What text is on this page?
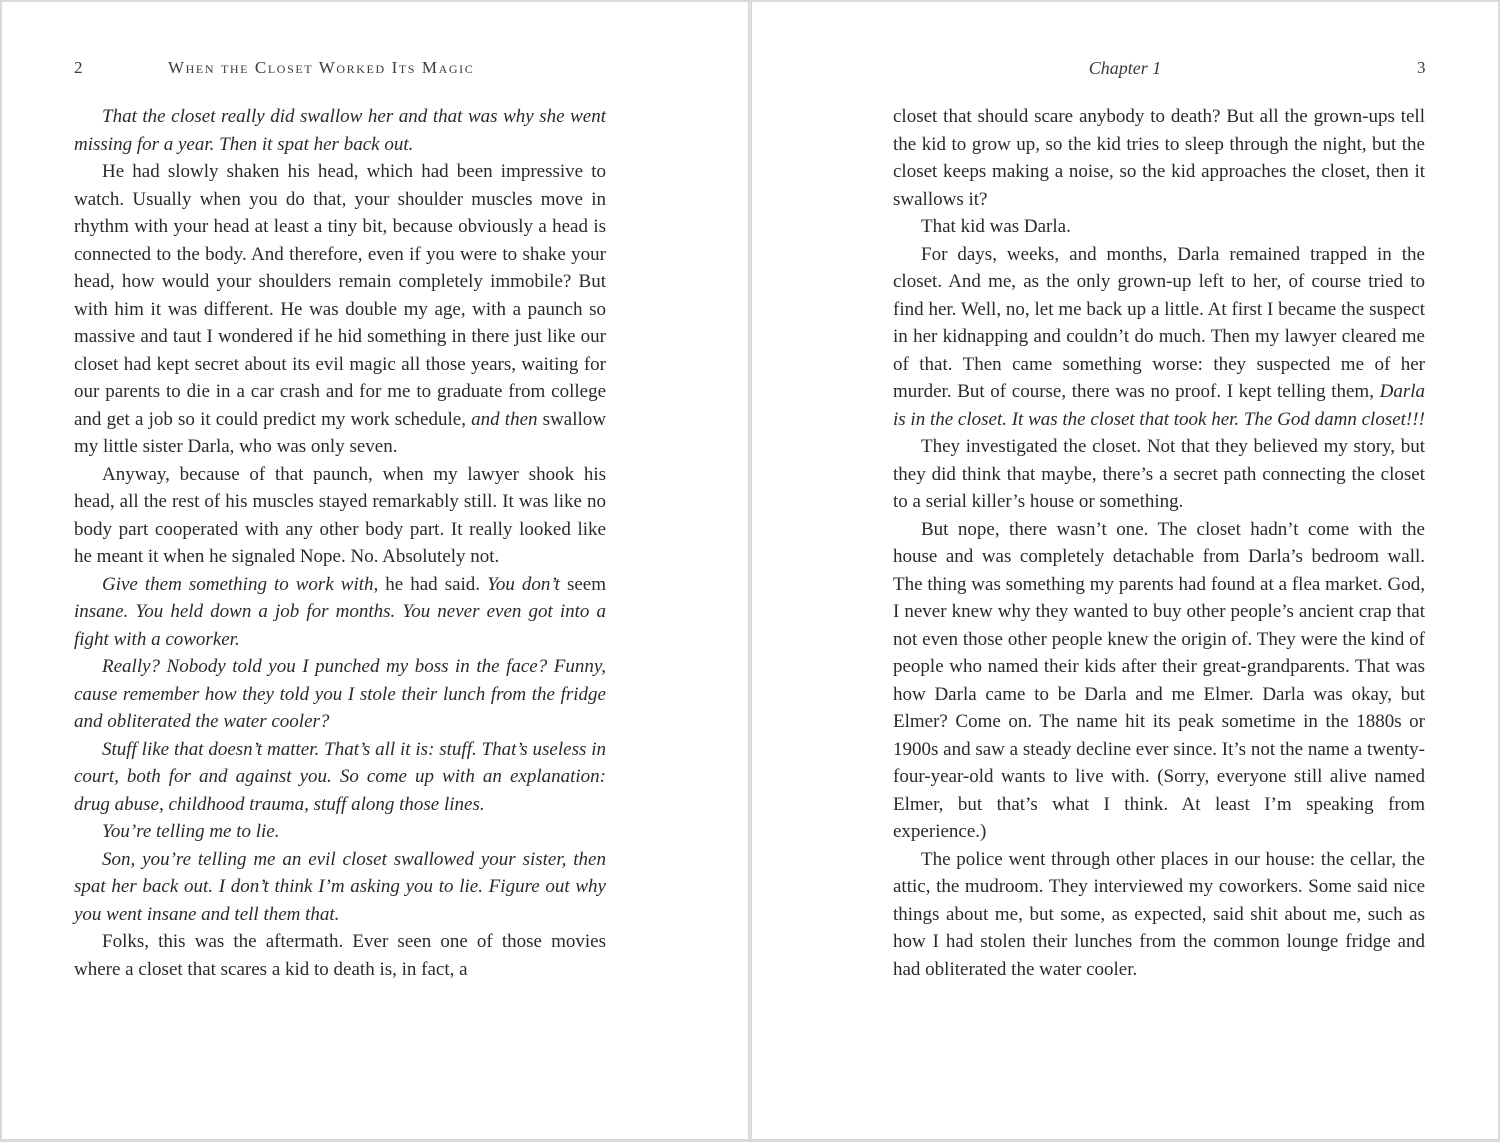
2	When the Closet Worked Its Magic

That the closet really did swallow her and that was why she went missing for a year. Then it spat her back out.

He had slowly shaken his head, which had been impressive to watch. Usually when you do that, your shoulder muscles move in rhythm with your head at least a tiny bit, because obviously a head is connected to the body. And therefore, even if you were to shake your head, how would your shoulders remain completely immobile? But with him it was different. He was double my age, with a paunch so massive and taut I wondered if he hid something in there just like our closet had kept secret about its evil magic all those years, waiting for our parents to die in a car crash and for me to graduate from college and get a job so it could predict my work schedule, and then swallow my little sister Darla, who was only seven.

Anyway, because of that paunch, when my lawyer shook his head, all the rest of his muscles stayed remarkably still. It was like no body part cooperated with any other body part. It really looked like he meant it when he signaled Nope. No. Absolutely not.

Give them something to work with, he had said. You don’t seem insane. You held down a job for months. You never even got into a fight with a coworker.

Really? Nobody told you I punched my boss in the face? Funny, cause remember how they told you I stole their lunch from the fridge and obliterated the water cooler?

Stuff like that doesn’t matter. That’s all it is: stuff. That’s useless in court, both for and against you. So come up with an explanation: drug abuse, childhood trauma, stuff along those lines.

You’re telling me to lie.

Son, you’re telling me an evil closet swallowed your sister, then spat her back out. I don’t think I’m asking you to lie. Figure out why you went insane and tell them that.

Folks, this was the aftermath. Ever seen one of those movies where a closet that scares a kid to death is, in fact, a

Chapter 1	3

closet that should scare anybody to death? But all the grown-ups tell the kid to grow up, so the kid tries to sleep through the night, but the closet keeps making a noise, so the kid approaches the closet, then it swallows it?

That kid was Darla.

For days, weeks, and months, Darla remained trapped in the closet. And me, as the only grown-up left to her, of course tried to find her. Well, no, let me back up a little. At first I became the suspect in her kidnapping and couldn’t do much. Then my lawyer cleared me of that. Then came something worse: they suspected me of her murder. But of course, there was no proof. I kept telling them, Darla is in the closet. It was the closet that took her. The God damn closet!!!

They investigated the closet. Not that they believed my story, but they did think that maybe, there’s a secret path connecting the closet to a serial killer’s house or something.

But nope, there wasn’t one. The closet hadn’t come with the house and was completely detachable from Darla’s bedroom wall. The thing was something my parents had found at a flea market. God, I never knew why they wanted to buy other people’s ancient crap that not even those other people knew the origin of. They were the kind of people who named their kids after their great-grandparents. That was how Darla came to be Darla and me Elmer. Darla was okay, but Elmer? Come on. The name hit its peak sometime in the 1880s or 1900s and saw a steady decline ever since. It’s not the name a twenty-four-year-old wants to live with. (Sorry, everyone still alive named Elmer, but that’s what I think. At least I’m speaking from experience.)

The police went through other places in our house: the cellar, the attic, the mudroom. They interviewed my coworkers. Some said nice things about me, but some, as expected, said shit about me, such as how I had stolen their lunches from the common lounge fridge and had obliterated the water cooler.
